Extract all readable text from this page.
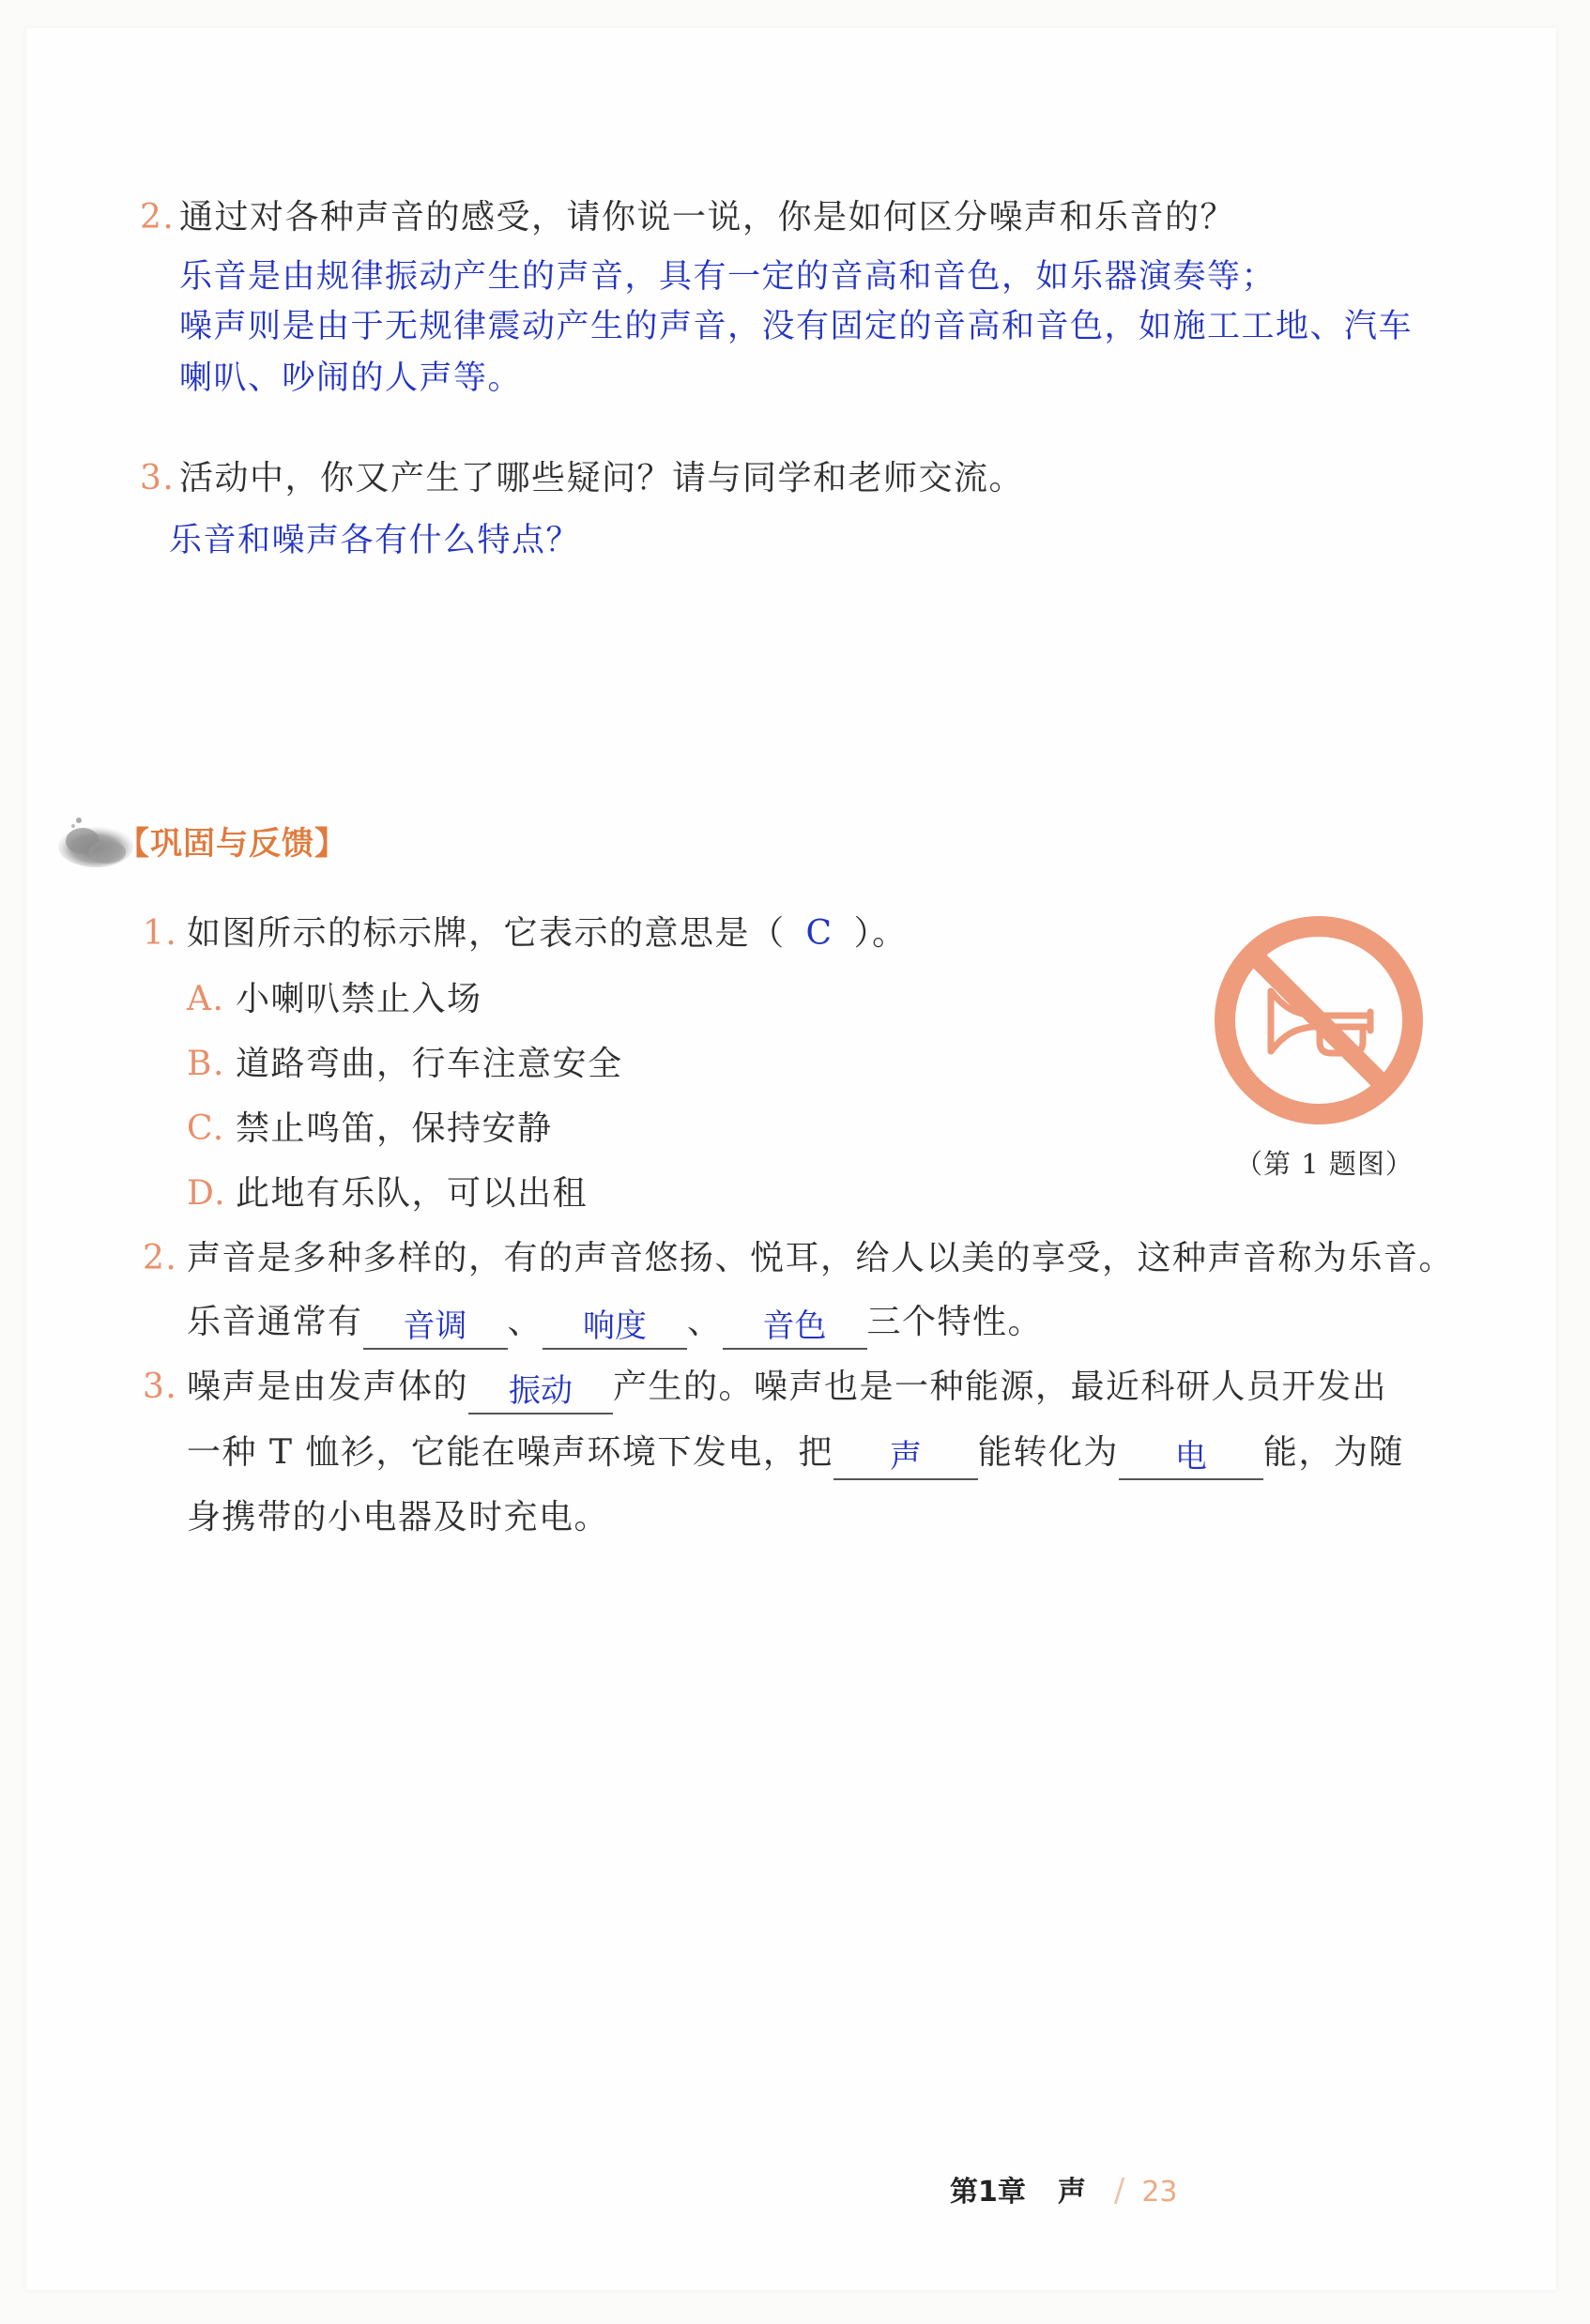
2. 通过对各种声音的感受，请你说一说，你是如何区分噪声和乐音的？
乐音是由规律振动产生的声音，具有一定的音高和音色，如乐器演奏等；
噪声则是由于无规律震动产生的声音，没有固定的音高和音色，如施工工地、汽车
喇叭、吵闹的人声等。
3. 活动中，你又产生了哪些疑问？请与同学和老师交流。
乐音和噪声各有什么特点？
【巩固与反馈】
1. 如图所示的标示牌，它表示的意思是（ C ）。
A. 小喇叭禁止入场
B. 道路弯曲，行车注意安全
C. 禁止鸣笛，保持安静
D. 此地有乐队，可以出租
（第 1 题图）
2. 声音是多种多样的，有的声音悠扬、悦耳，给人以美的享受，这种声音称为乐音。
乐音通常有 音调 、 响度 、 音色 三个特性。
3. 噪声是由发声体的 振动 产生的。噪声也是一种能源，最近科研人员开发出
一种 T 恤衫，它能在噪声环境下发电，把 声 能转化为 电 能，为随
身携带的小电器及时充电。
第1章 声 / 23
